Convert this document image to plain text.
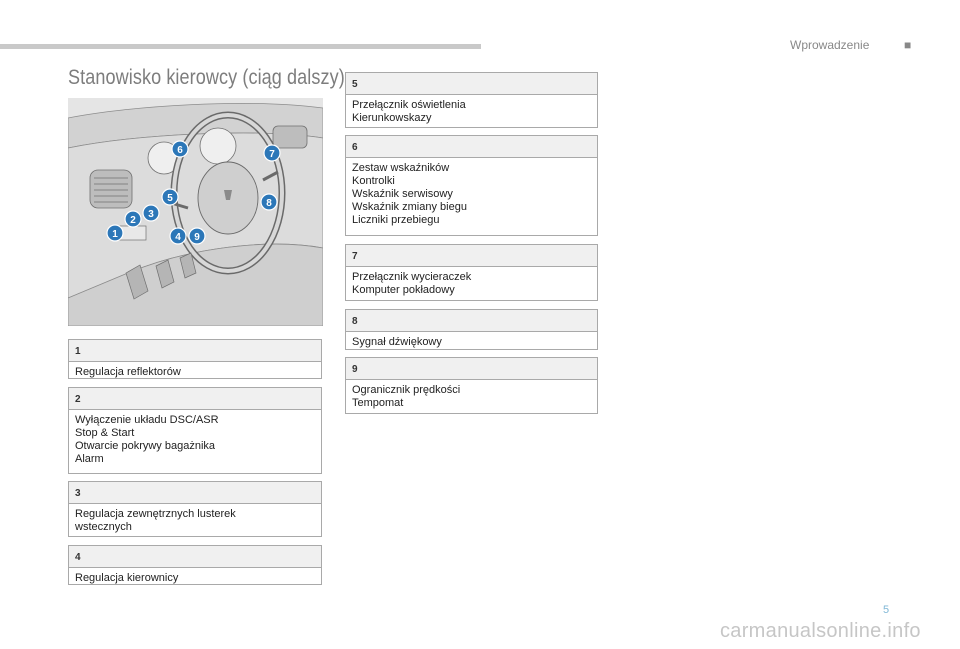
Wprowadzenie	■
Stanowisko kierowcy (ciąg dalszy)
1
2
3
4
5
6	7
8
9
1
Regulacja reflektorów
2
Wyłączenie układu DSC/ASR
Stop & Start
Otwarcie pokrywy bagażnika
Alarm
3
Regulacja zewnętrznych lusterek
wstecznych
4
Regulacja kierownicy
5
Przełącznik oświetlenia
Kierunkowskazy
6
Zestaw wskaźników
Kontrolki
Wskaźnik serwisowy
Wskaźnik zmiany biegu
Liczniki przebiegu
7
Przełącznik wycieraczek
Komputer pokładowy
8
Sygnał dźwiękowy
9
Ogranicznik prędkości
Tempomat
5
carmanualsonline.info
